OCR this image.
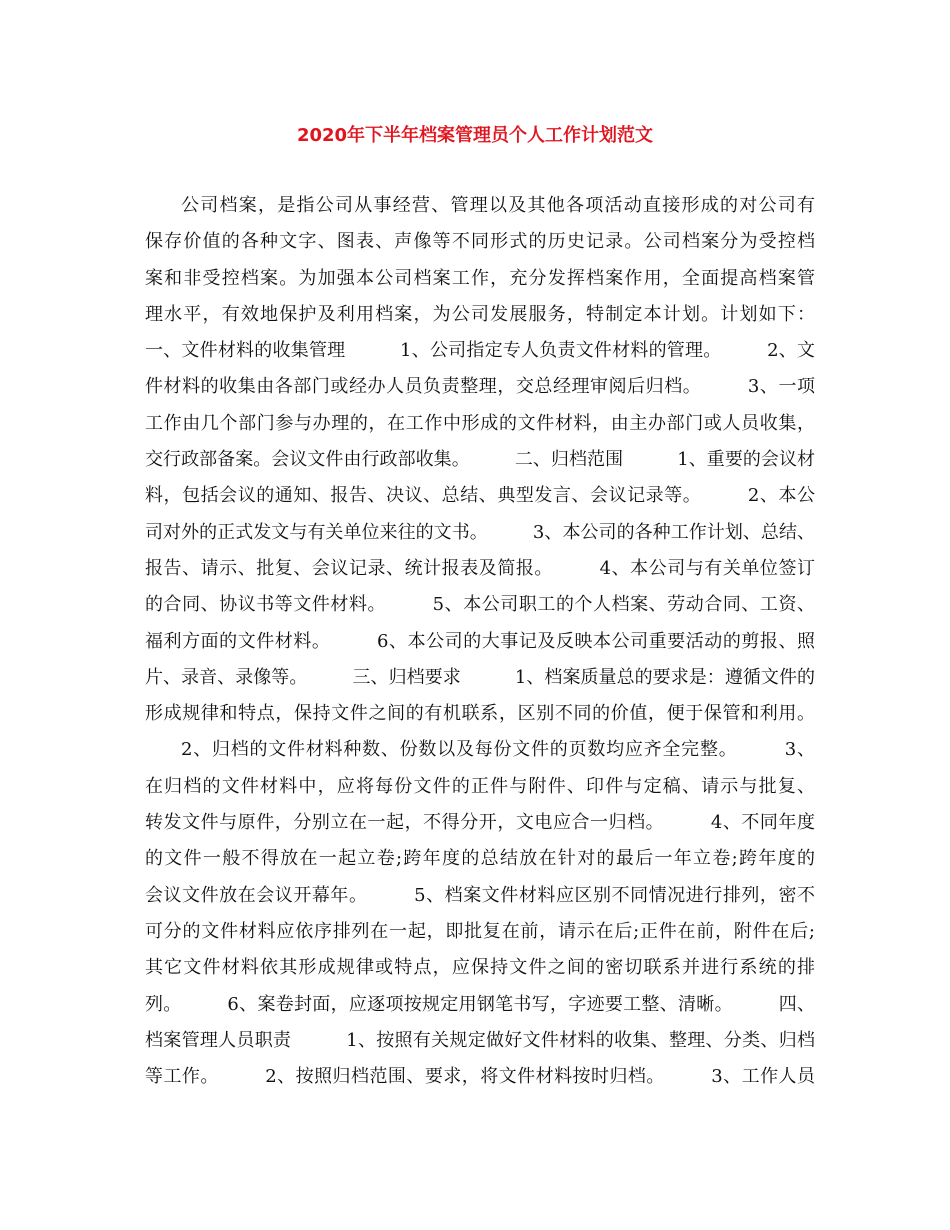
2020年下半年档案管理员个人工作计划范文
公司档案，是指公司从事经营、管理以及其他各项活动直接形成的对公司有
保存价值的各种文字、图表、声像等不同形式的历史记录。公司档案分为受控档
案和非受控档案。为加强本公司档案工作，充分发挥档案作用，全面提高档案管
理水平，有效地保护及利用档案，为公司发展服务，特制定本计划。计划如下：
一、文件材料的收集管理　　　1、公司指定专人负责文件材料的管理。　　　2、文
件材料的收集由各部门或经办人员负责整理，交总经理审阅后归档。　　　3、一项
工作由几个部门参与办理的，在工作中形成的文件材料，由主办部门或人员收集，
交行政部备案。会议文件由行政部收集。　　　二、归档范围　　　1、重要的会议材
料，包括会议的通知、报告、决议、总结、典型发言、会议记录等。　　　2、本公
司对外的正式发文与有关单位来往的文书。　　　3、本公司的各种工作计划、总结、
报告、请示、批复、会议记录、统计报表及简报。　　　4、本公司与有关单位签订
的合同、协议书等文件材料。　　　5、本公司职工的个人档案、劳动合同、工资、
福利方面的文件材料。　　　6、本公司的大事记及反映本公司重要活动的剪报、照
片、录音、录像等。　　　三、归档要求　　　1、档案质量总的要求是：遵循文件的
形成规律和特点，保持文件之间的有机联系，区别不同的价值，便于保管和利用。
2、归档的文件材料种数、份数以及每份文件的页数均应齐全完整。　　　3、
在归档的文件材料中，应将每份文件的正件与附件、印件与定稿、请示与批复、
转发文件与原件，分别立在一起，不得分开，文电应合一归档。　　　4、不同年度
的文件一般不得放在一起立卷;跨年度的总结放在针对的最后一年立卷;跨年度的
会议文件放在会议开幕年。　　　5、档案文件材料应区别不同情况进行排列，密不
可分的文件材料应依序排列在一起，即批复在前，请示在后;正件在前，附件在后;
其它文件材料依其形成规律或特点，应保持文件之间的密切联系并进行系统的排
列。　　　6、案卷封面，应逐项按规定用钢笔书写，字迹要工整、清晰。　　　四、
档案管理人员职责　　　1、按照有关规定做好文件材料的收集、整理、分类、归档
等工作。　　　2、按照归档范围、要求，将文件材料按时归档。　　　3、工作人员
